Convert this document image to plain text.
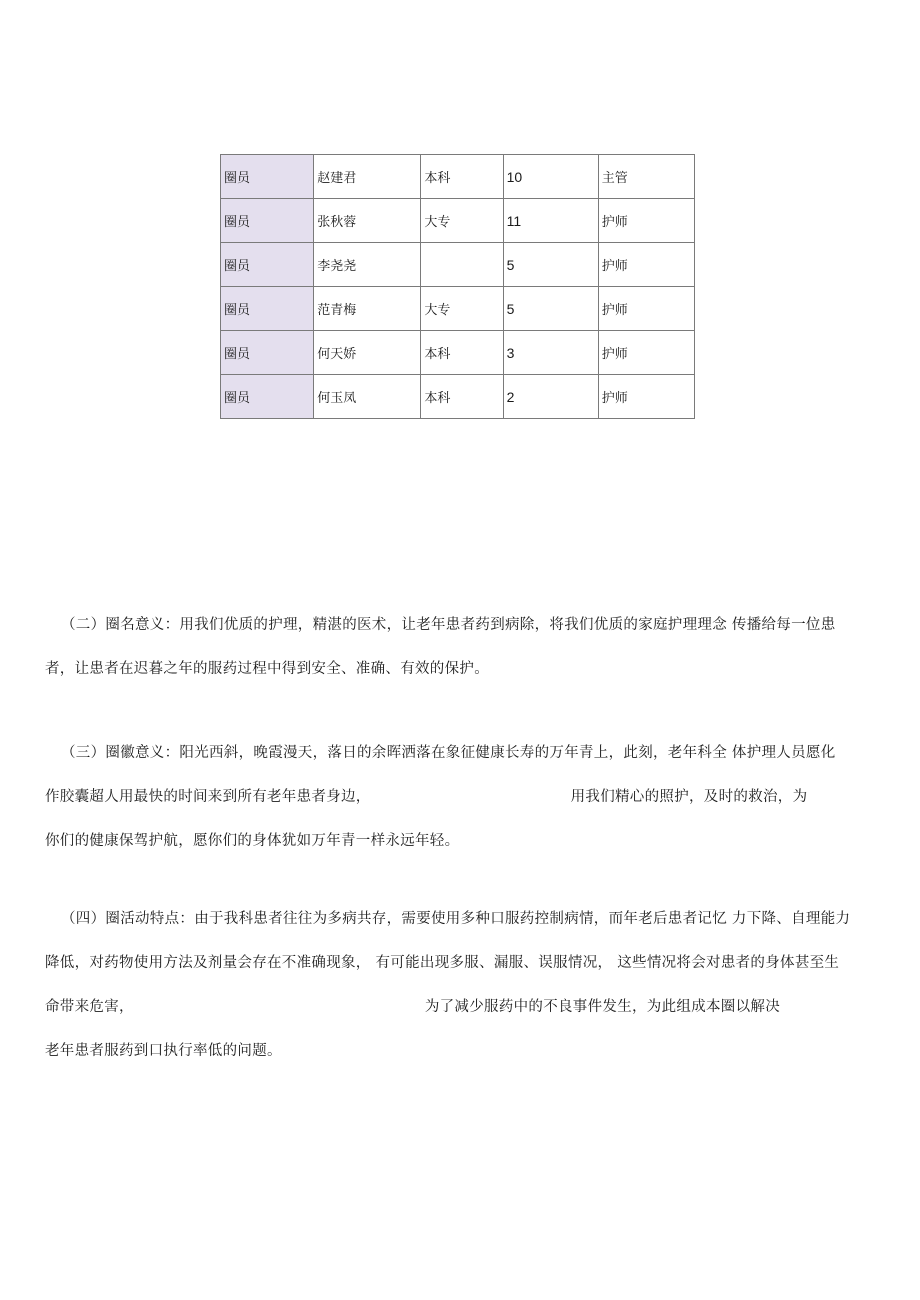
圈员	赵建君	本科	10	主管
圈员	张秋蓉	大专	11	护师
圈员	李尧尧		5	护师
圈员	范青梅	大专	5	护师
圈员	何天娇	本科	3	护师
圈员	何玉凤	本科	2	护师
（二）圈名意义：用我们优质的护理，精湛的医术，让老年患者药到病除，将我们优质的家庭护理理念 传播给每一位患
者，让患者在迟暮之年的服药过程中得到安全、准确、有效的保护。
（三）圈徽意义：阳光西斜，晚霞漫天，落日的余晖洒落在象征健康长寿的万年青上，此刻，老年科全 体护理人员愿化
作胶囊超人用最快的时间来到所有老年患者身边，	用我们精心的照护，及时的救治，为
你们的健康保驾护航，愿你们的身体犹如万年青一样永远年轻。
（四）圈活动特点：由于我科患者往往为多病共存，需要使用多种口服药控制病情，而年老后患者记忆 力下降、自理能力
降低，对药物使用方法及剂量会存在不准确现象， 有可能出现多服、漏服、误服情况， 这些情况将会对患者的身体甚至生
命带来危害，	为了减少服药中的不良事件发生，为此组成本圈以解决
老年患者服药到口执行率低的问题。
